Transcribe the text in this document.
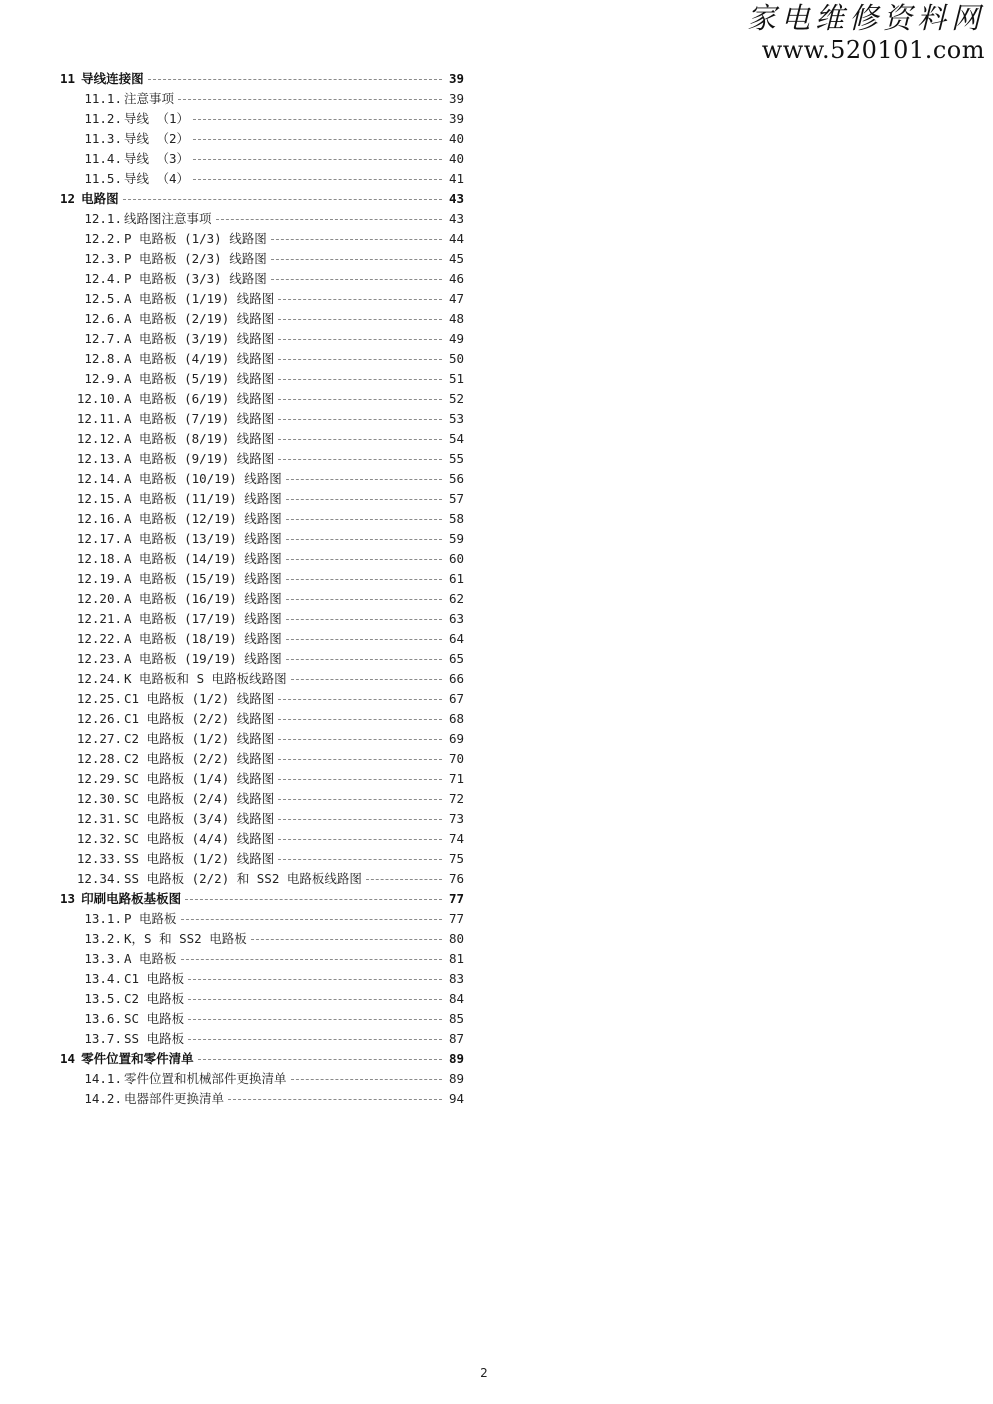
家电维修资料网
www.520101.com
11 导线连接图	39
11.1. 注意事项	39
11.2. 导线 （1）	39
11.3. 导线 （2）	40
11.4. 导线 （3）	40
11.5. 导线 （4）	41
12 电路图	43
12.1. 线路图注意事项	43
12.2. P 电路板 (1/3) 线路图	44
12.3. P 电路板 (2/3) 线路图	45
12.4. P 电路板 (3/3) 线路图	46
12.5. A 电路板 (1/19) 线路图	47
12.6. A 电路板 (2/19) 线路图	48
12.7. A 电路板 (3/19) 线路图	49
12.8. A 电路板 (4/19) 线路图	50
12.9. A 电路板 (5/19) 线路图	51
12.10. A 电路板 (6/19) 线路图	52
12.11. A 电路板 (7/19) 线路图	53
12.12. A 电路板 (8/19) 线路图	54
12.13. A 电路板 (9/19) 线路图	55
12.14. A 电路板 (10/19) 线路图	56
12.15. A 电路板 (11/19) 线路图	57
12.16. A 电路板 (12/19) 线路图	58
12.17. A 电路板 (13/19) 线路图	59
12.18. A 电路板 (14/19) 线路图	60
12.19. A 电路板 (15/19) 线路图	61
12.20. A 电路板 (16/19) 线路图	62
12.21. A 电路板 (17/19) 线路图	63
12.22. A 电路板 (18/19) 线路图	64
12.23. A 电路板 (19/19) 线路图	65
12.24. K 电路板和 S 电路板线路图	66
12.25. C1 电路板 (1/2) 线路图	67
12.26. C1 电路板 (2/2) 线路图	68
12.27. C2 电路板 (1/2) 线路图	69
12.28. C2 电路板 (2/2) 线路图	70
12.29. SC 电路板 (1/4) 线路图	71
12.30. SC 电路板 (2/4) 线路图	72
12.31. SC 电路板 (3/4) 线路图	73
12.32. SC 电路板 (4/4) 线路图	74
12.33. SS 电路板 (1/2) 线路图	75
12.34. SS 电路板 (2/2) 和 SS2 电路板线路图	76
13 印刷电路板基板图	77
13.1. P 电路板	77
13.2. K，S 和 SS2 电路板	80
13.3. A 电路板	81
13.4. C1 电路板	83
13.5. C2 电路板	84
13.6. SC 电路板	85
13.7. SS 电路板	87
14 零件位置和零件清单	89
14.1. 零件位置和机械部件更换清单	89
14.2. 电器部件更换清单	94
2
